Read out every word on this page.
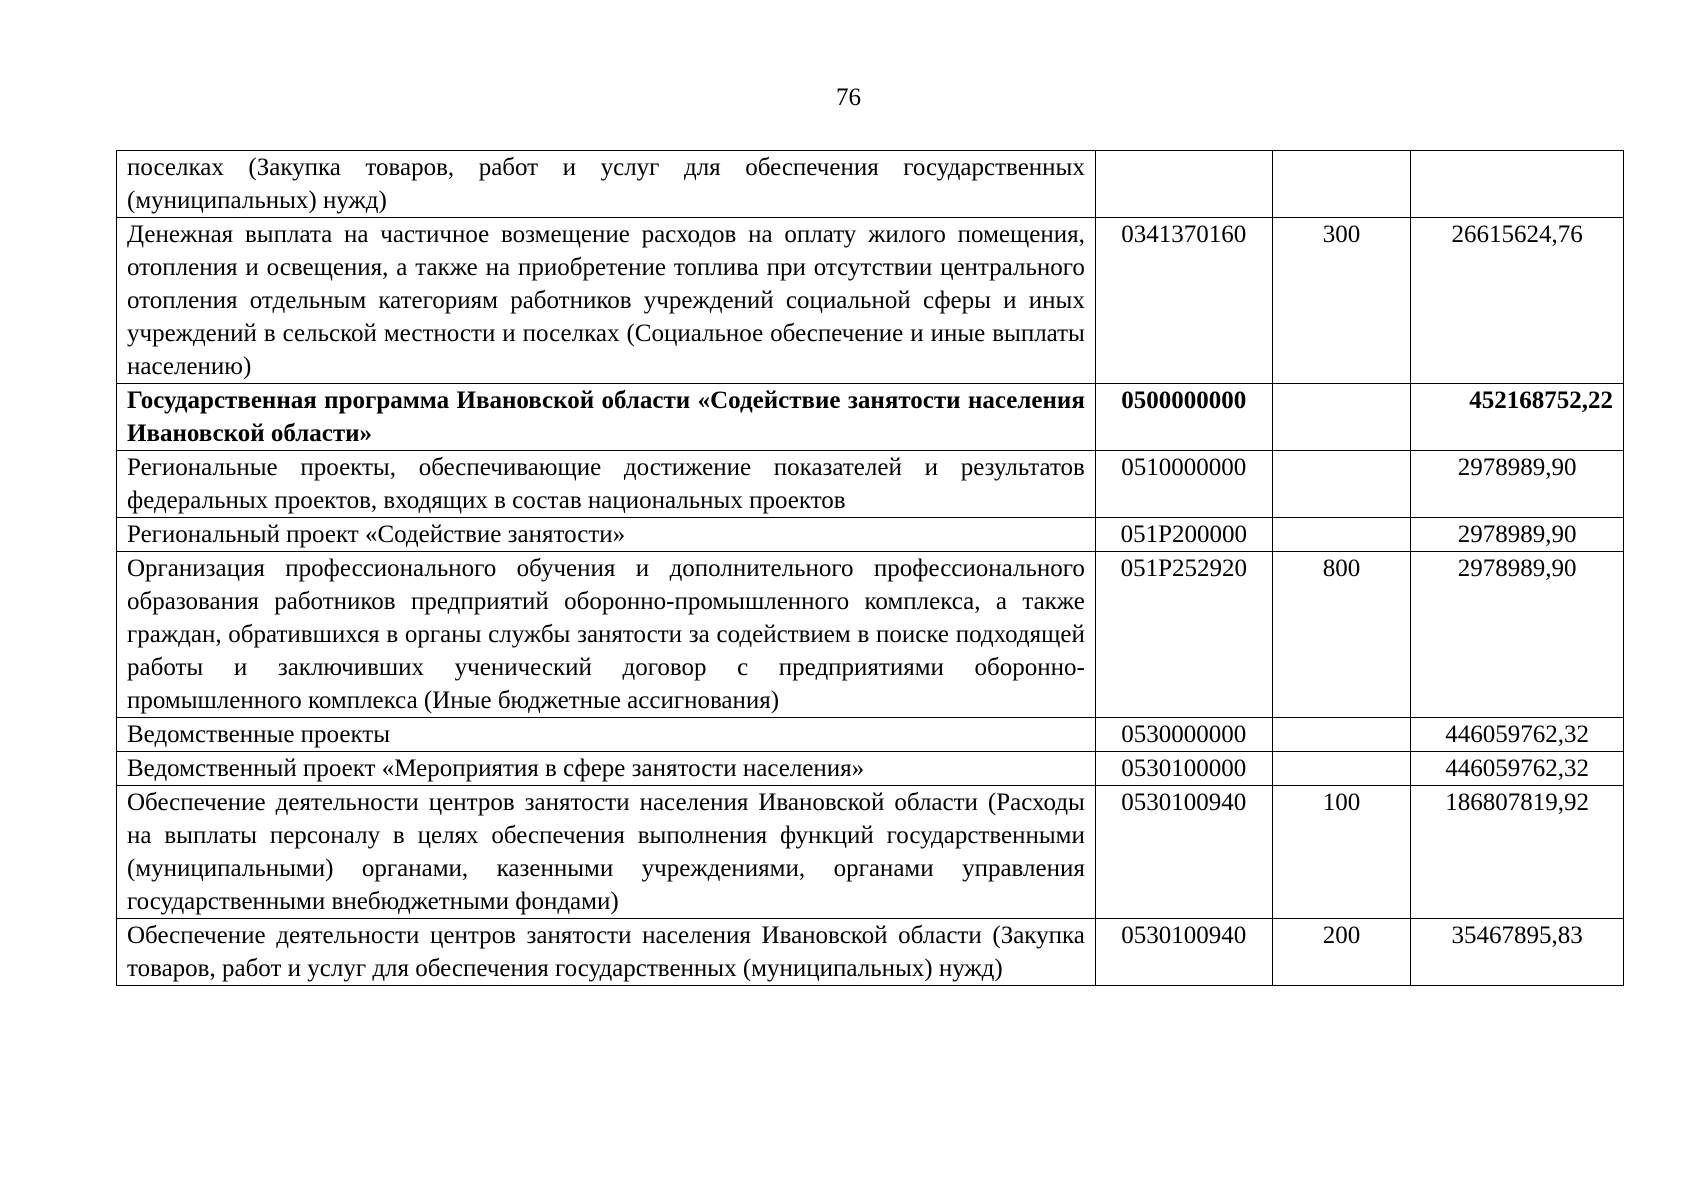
76
поселках (Закупка товаров, работ и услуг для обеспечения государственных (муниципальных) нужд)			
Денежная выплата на частичное возмещение расходов на оплату жилого помещения, отопления и освещения, а также на приобретение топлива при отсутствии центрального отопления отдельным категориям работников учреждений социальной сферы и иных учреждений в сельской местности и поселках (Социальное обеспечение и иные выплаты населению)	0341370160	300	26615624,76
Государственная программа Ивановской области «Содействие занятости населения Ивановской области»	0500000000		452168752,22
Региональные проекты, обеспечивающие достижение показателей и результатов федеральных проектов, входящих в состав национальных проектов	0510000000		2978989,90
Региональный проект «Содействие занятости»	051P200000		2978989,90
Организация профессионального обучения и дополнительного профессионального образования работников предприятий оборонно-промышленного комплекса, а также граждан, обратившихся в органы службы занятости за содействием в поиске подходящей работы и заключивших ученический договор с предприятиями оборонно-промышленного комплекса (Иные бюджетные ассигнования)	051P252920	800	2978989,90
Ведомственные проекты	0530000000		446059762,32
Ведомственный проект «Мероприятия в сфере занятости населения»	0530100000		446059762,32
Обеспечение деятельности центров занятости населения Ивановской области (Расходы на выплаты персоналу в целях обеспечения выполнения функций государственными (муниципальными) органами, казенными учреждениями, органами управления государственными внебюджетными фондами)	0530100940	100	186807819,92
Обеспечение деятельности центров занятости населения Ивановской области (Закупка товаров, работ и услуг для обеспечения государственных (муниципальных) нужд)	0530100940	200	35467895,83
